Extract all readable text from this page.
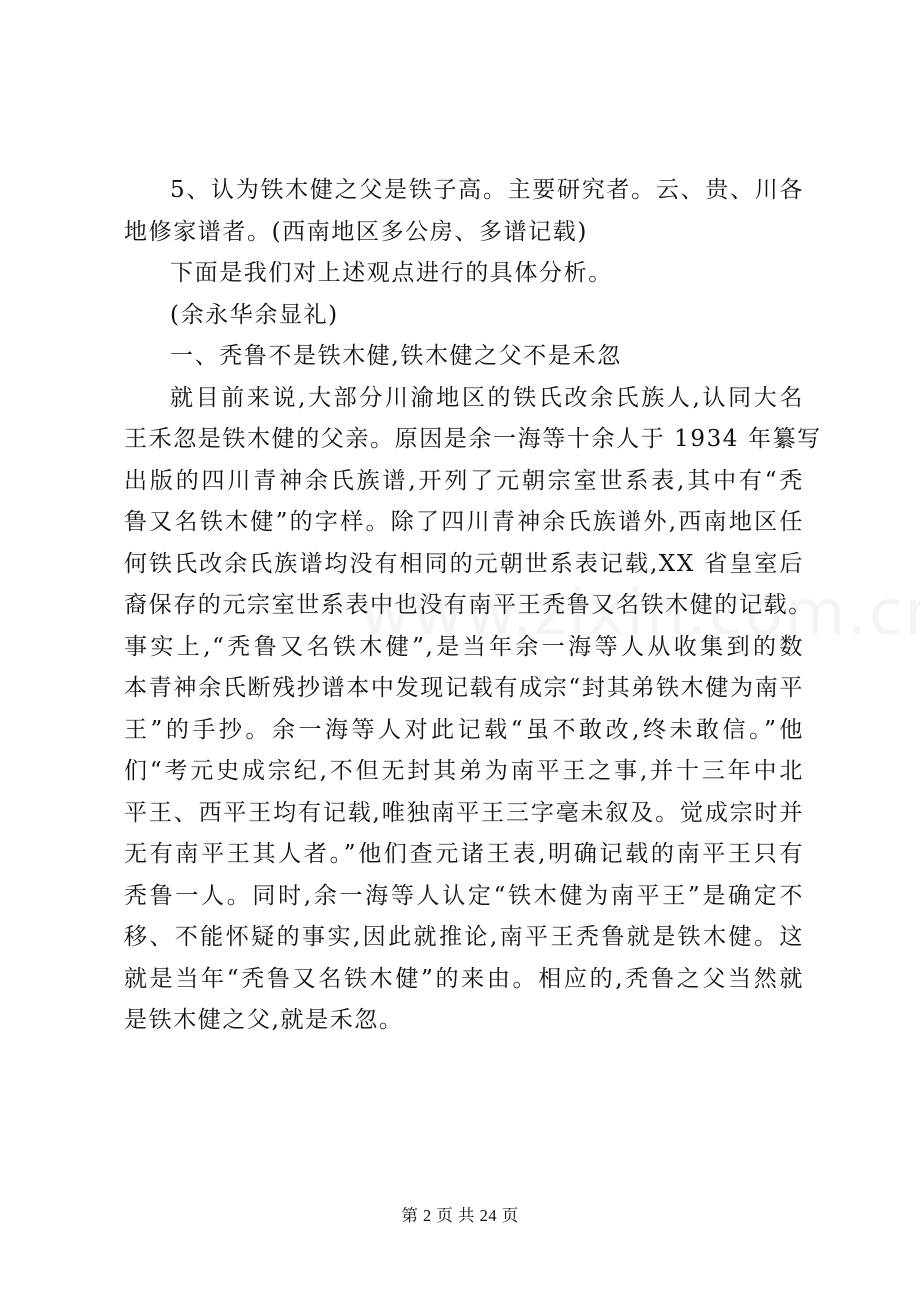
5、认为铁木健之父是铁子高。主要研究者。云、贵、川各
地修家谱者。(西南地区多公房、多谱记载)
下面是我们对上述观点进行的具体分析。
(余永华余显礼)
一、秃鲁不是铁木健,铁木健之父不是禾忽
就目前来说,大部分川渝地区的铁氏改余氏族人,认同大名
王禾忽是铁木健的父亲。原因是余一海等十余人于 1934 年纂写
出版的四川青神余氏族谱,开列了元朝宗室世系表,其中有“秃
鲁又名铁木健”的字样。除了四川青神余氏族谱外,西南地区任
何铁氏改余氏族谱均没有相同的元朝世系表记载,XX 省皇室后
裔保存的元宗室世系表中也没有南平王秃鲁又名铁木健的记载。
事实上,“秃鲁又名铁木健”,是当年余一海等人从收集到的数
本青神余氏断残抄谱本中发现记载有成宗“封其弟铁木健为南平
王”的手抄。余一海等人对此记载“虽不敢改,终未敢信。”他
们“考元史成宗纪,不但无封其弟为南平王之事,并十三年中北
平王、西平王均有记载,唯独南平王三字毫未叙及。觉成宗时并
无有南平王其人者。”他们查元诸王表,明确记载的南平王只有
秃鲁一人。同时,余一海等人认定“铁木健为南平王”是确定不
移、不能怀疑的事实,因此就推论,南平王秃鲁就是铁木健。这
就是当年“秃鲁又名铁木健”的来由。相应的,秃鲁之父当然就
是铁木健之父,就是禾忽。
第 2 页 共 24 页
